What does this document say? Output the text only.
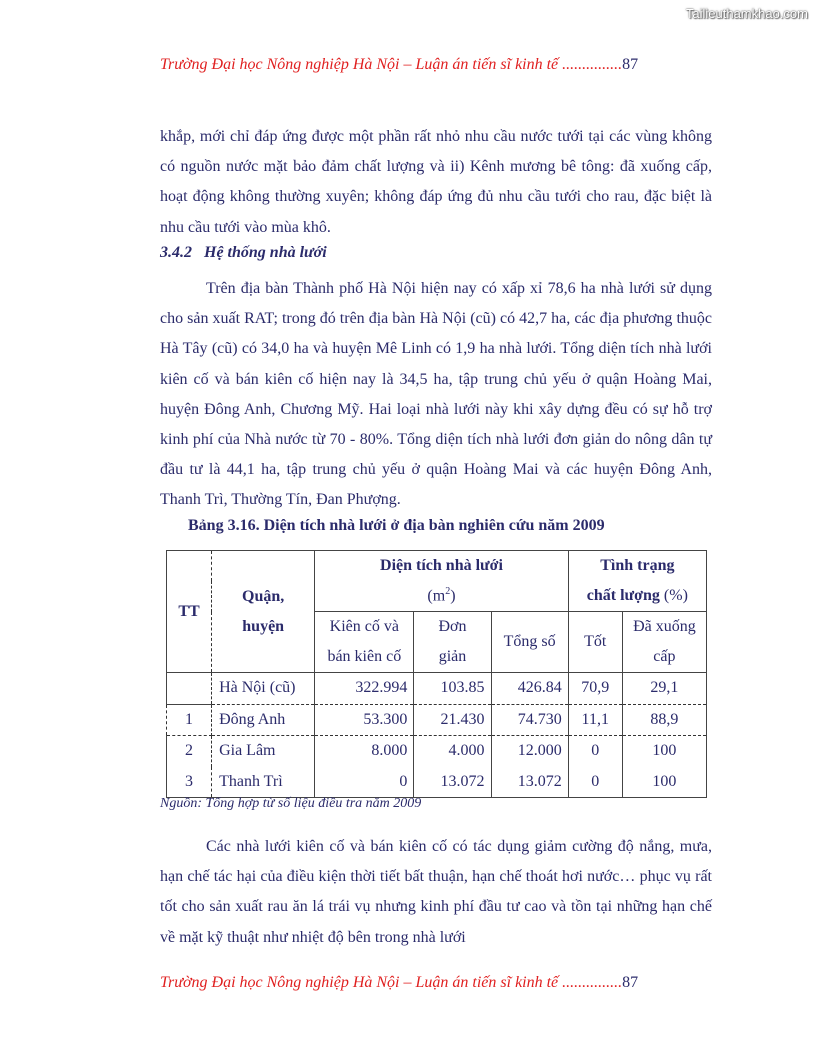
Tailieuthamkhao.com
Trường Đại học Nông nghiệp Hà Nội – Luận án tiến sĩ kinh tế ...............87

khắp, mới chỉ đáp ứng được một phần rất nhỏ nhu cầu nước tưới tại các vùng không có nguồn nước mặt bảo đảm chất lượng và ii) Kênh mương bê tông: đã xuống cấp, hoạt động không thường xuyên; không đáp ứng đủ nhu cầu tưới cho rau, đặc biệt là nhu cầu tưới vào mùa khô.

3.4.2 Hệ thống nhà lưới

Trên địa bàn Thành phố Hà Nội hiện nay có xấp xỉ 78,6 ha nhà lưới sử dụng cho sản xuất RAT; trong đó trên địa bàn Hà Nội (cũ) có 42,7 ha, các địa phương thuộc Hà Tây (cũ) có 34,0 ha và huyện Mê Linh có 1,9 ha nhà lưới. Tổng diện tích nhà lưới kiên cố và bán kiên cố hiện nay là 34,5 ha, tập trung chủ yếu ở quận Hoàng Mai, huyện Đông Anh, Chương Mỹ. Hai loại nhà lưới này khi xây dựng đều có sự hỗ trợ kinh phí của Nhà nước từ 70 - 80%. Tổng diện tích nhà lưới đơn giản do nông dân tự đầu tư là 44,1 ha, tập trung chủ yếu ở quận Hoàng Mai và các huyện Đông Anh, Thanh Trì, Thường Tín, Đan Phượng.

Bảng 3.16. Diện tích nhà lưới ở địa bàn nghiên cứu năm 2009

TT	Quận, huyện	Diện tích nhà lưới			Tình trạng	
		$(m^2)$			chất lượng (%)	
		Kiên cố và bán kiên cố	Đơn giản	Tổng số	Tốt	Đã xuống cấp
	Hà Nội (cũ)	322.994	103.85	426.84	70,9	29,1
1	Đông Anh	53.300	21.430	74.730	11,1	88,9
2	Gia Lâm	8.000	4.000	12.000	0	100
3	Thanh Trì	0	13.072	13.072	0	100

Nguồn: Tổng hợp từ số liệu điều tra năm 2009

Các nhà lưới kiên cố và bán kiên cố có tác dụng giảm cường độ nắng, mưa, hạn chế tác hại của điều kiện thời tiết bất thuận, hạn chế thoát hơi nước… phục vụ rất tốt cho sản xuất rau ăn lá trái vụ nhưng kinh phí đầu tư cao và tồn tại những hạn chế về mặt kỹ thuật như nhiệt độ bên trong nhà lưới

Trường Đại học Nông nghiệp Hà Nội – Luận án tiến sĩ kinh tế ...............87
